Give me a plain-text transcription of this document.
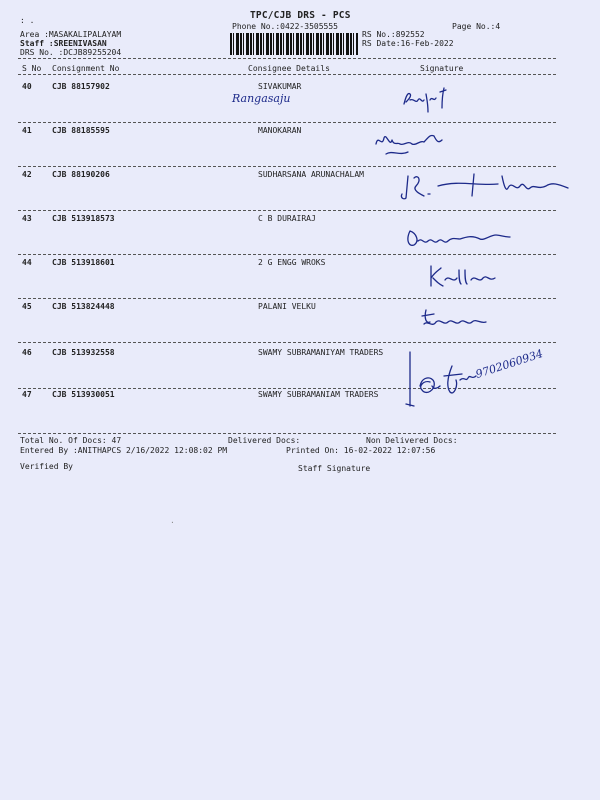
: .	TPC/CJB DRS - PCS
Phone No.:0422-3505555	Page No.:4
Area :MASAKALIPALAYAM
Staff :SREENIVASAN
DRS No. :DCJB89255204
RS No.:892552
RS Date:16-Feb-2022
S No Consignment No	Consignee Details	Signature
40	CJB 88157902	SIVAKUMAR
41	CJB 88185595	MANOKARAN
42	CJB 88190206	SUDHARSANA ARUNACHALAM
43	CJB 513918573	C B DURAIRAJ
44	CJB 513918601	2 G ENGG WROKS
45	CJB 513824448	PALANI VELKU
46	CJB 513932558	SWAMY SUBRAMANIYAM TRADERS
47	CJB 513930051	SWAMY SUBRAMANIAM TRADERS
Rangasaju
9702060934
Total No. Of Docs: 47	Delivered Docs:	Non Delivered Docs:
Entered By :ANITHAPCS 2/16/2022 12:08:02 PM	Printed On: 16-02-2022 12:07:56
Verified By	Staff Signature
·
